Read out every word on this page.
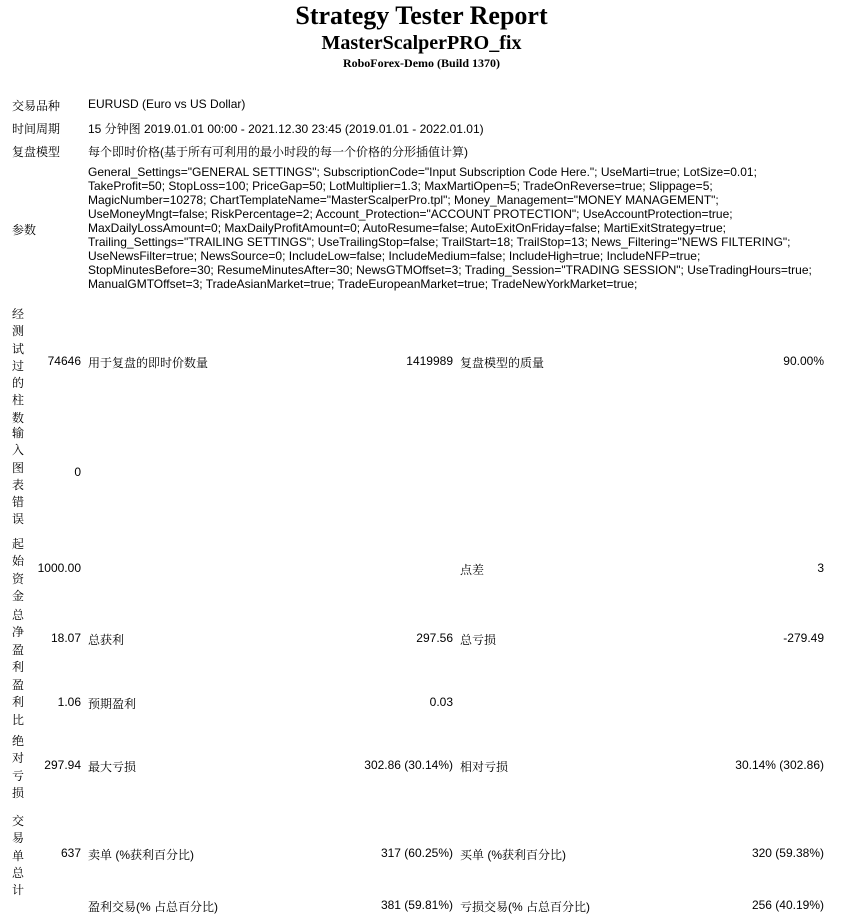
Strategy Tester Report
MasterScalperPRO_fix
RoboForex-Demo (Build 1370)
交易品种 EURUSD (Euro vs US Dollar)
时间周期 15 分钟图 2019.01.01 00:00 - 2021.12.30 23:45 (2019.01.01 - 2022.01.01)
复盘模型 每个即时价格(基于所有可利用的最小时段的每一个价格的分形插值计算)
参数
General_Settings="GENERAL SETTINGS"; SubscriptionCode="Input Subscription Code Here."; UseMarti=true; LotSize=0.01;
TakeProfit=50; StopLoss=100; PriceGap=50; LotMultiplier=1.3; MaxMartiOpen=5; TradeOnReverse=true; Slippage=5;
MagicNumber=10278; ChartTemplateName="MasterScalperPro.tpl"; Money_Management="MONEY MANAGEMENT";
UseMoneyMngt=false; RiskPercentage=2; Account_Protection="ACCOUNT PROTECTION"; UseAccountProtection=true;
MaxDailyLossAmount=0; MaxDailyProfitAmount=0; AutoResume=false; AutoExitOnFriday=false; MartiExitStrategy=true;
Trailing_Settings="TRAILING SETTINGS"; UseTrailingStop=false; TrailStart=18; TrailStop=13; News_Filtering="NEWS FILTERING";
UseNewsFilter=true; NewsSource=0; IncludeLow=false; IncludeMedium=false; IncludeHigh=true; IncludeNFP=true;
StopMinutesBefore=30; ResumeMinutesAfter=30; NewsGTMOffset=3; Trading_Session="TRADING SESSION"; UseTradingHours=true;
ManualGMTOffset=3; TradeAsianMarket=true; TradeEuropeanMarket=true; TradeNewYorkMarket=true;
经测试过的柱数
74646 用于复盘的即时价数量	1419989 复盘模型的质量	90.00%
输入图表错误
0
起始资金
1000.00	点差	3
总净盈利
18.07 总获利	297.56 总亏损	-279.49
盈利比
1.06 预期盈利	0.03
绝对亏损
297.94 最大亏损	302.86 (30.14%) 相对亏损	30.14% (302.86)
交易单总计
637 卖单 (%获利百分比)	317 (60.25%) 买单 (%获利百分比)	320 (59.38%)
盈利交易(% 占总百分比)	381 (59.81%) 亏损交易(% 占总百分比)	256 (40.19%)
